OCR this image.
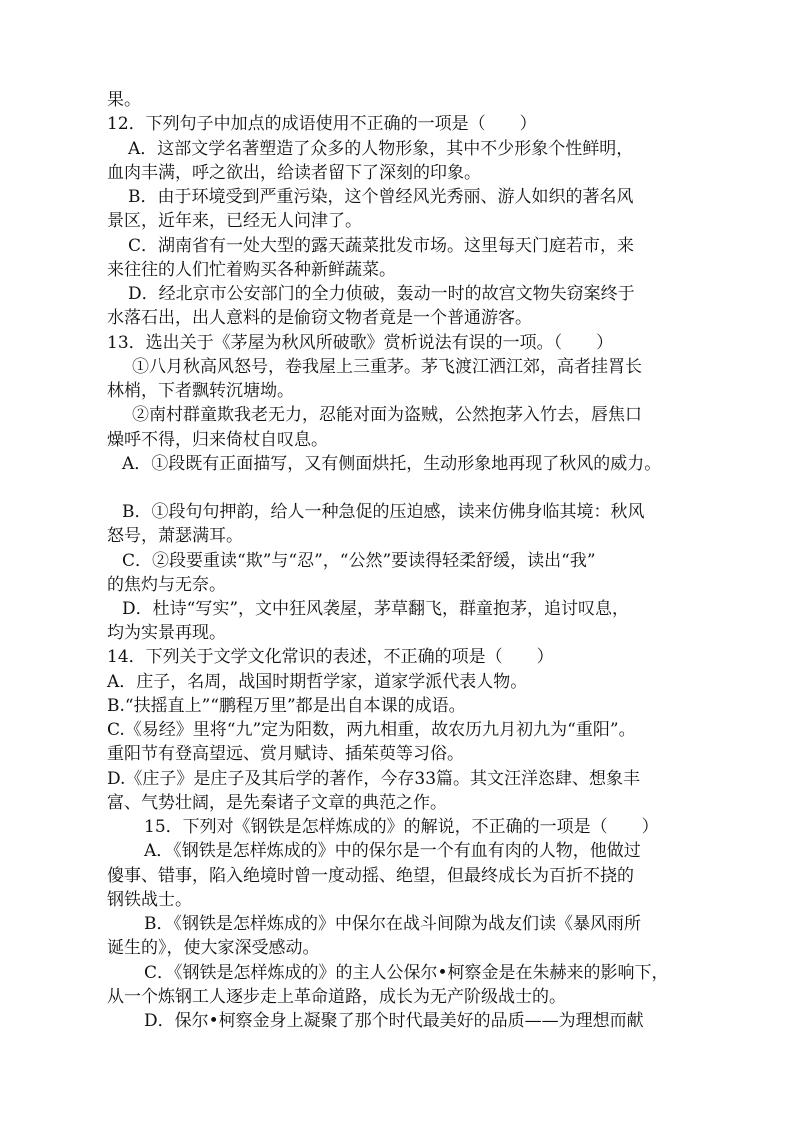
果。
12．下列句子中加点的成语使用不正确的一项是（　　）
A．这部文学名著塑造了众多的人物形象，其中不少形象个性鲜明，
血肉丰满，呼之欲出，给读者留下了深刻的印象。
B．由于环境受到严重污染，这个曾经风光秀丽、游人如织的著名风
景区，近年来，已经无人问津了。
C．湖南省有一处大型的露天蔬菜批发市场。这里每天门庭若市，来
来往往的人们忙着购买各种新鲜蔬菜。
D．经北京市公安部门的全力侦破，轰动一时的故宫文物失窃案终于
水落石出，出人意料的是偷窃文物者竟是一个普通游客。
13．选出关于《茅屋为秋风所破歌》赏析说法有误的一项。（　　）
①八月秋高风怒号，卷我屋上三重茅。茅飞渡江洒江郊，高者挂罥长
林梢，下者飘转沉塘坳。
②南村群童欺我老无力，忍能对面为盗贼，公然抱茅入竹去，唇焦口
燥呼不得，归来倚杖自叹息。
A．①段既有正面描写，又有侧面烘托，生动形象地再现了秋风的威力。
B．①段句句押韵，给人一种急促的压迫感，读来仿佛身临其境：秋风
怒号，萧瑟满耳。
C．②段要重读“欺”与“忍”，“公然”要读得轻柔舒缓，读出“我”
的焦灼与无奈。
D．杜诗“写实”，文中狂风袭屋，茅草翻飞，群童抱茅，追讨叹息，
均为实景再现。
14．下列关于文学文化常识的表述，不正确的项是（　　）
A．庄子，名周，战国时期哲学家，道家学派代表人物。
B.“扶摇直上”“鹏程万里”都是出自本课的成语。
C.《易经》里将“九”定为阳数，两九相重，故农历九月初九为“重阳”。
重阳节有登高望远、赏月赋诗、插茱萸等习俗。
D.《庄子》是庄子及其后学的著作，今存33篇。其文汪洋恣肆、想象丰
富、气势壮阔，是先秦诸子文章的典范之作。
15．下列对《钢铁是怎样炼成的》的解说，不正确的一项是（　　）
A．《钢铁是怎样炼成的》中的保尔是一个有血有肉的人物，他做过
傻事、错事，陷入绝境时曾一度动摇、绝望，但最终成长为百折不挠的
钢铁战士。
B．《钢铁是怎样炼成的》中保尔在战斗间隙为战友们读《暴风雨所
诞生的》，使大家深受感动。
C．《钢铁是怎样炼成的》的主人公保尔•柯察金是在朱赫来的影响下，
从一个炼钢工人逐步走上革命道路，成长为无产阶级战士的。
D．保尔•柯察金身上凝聚了那个时代最美好的品质——为理想而献
